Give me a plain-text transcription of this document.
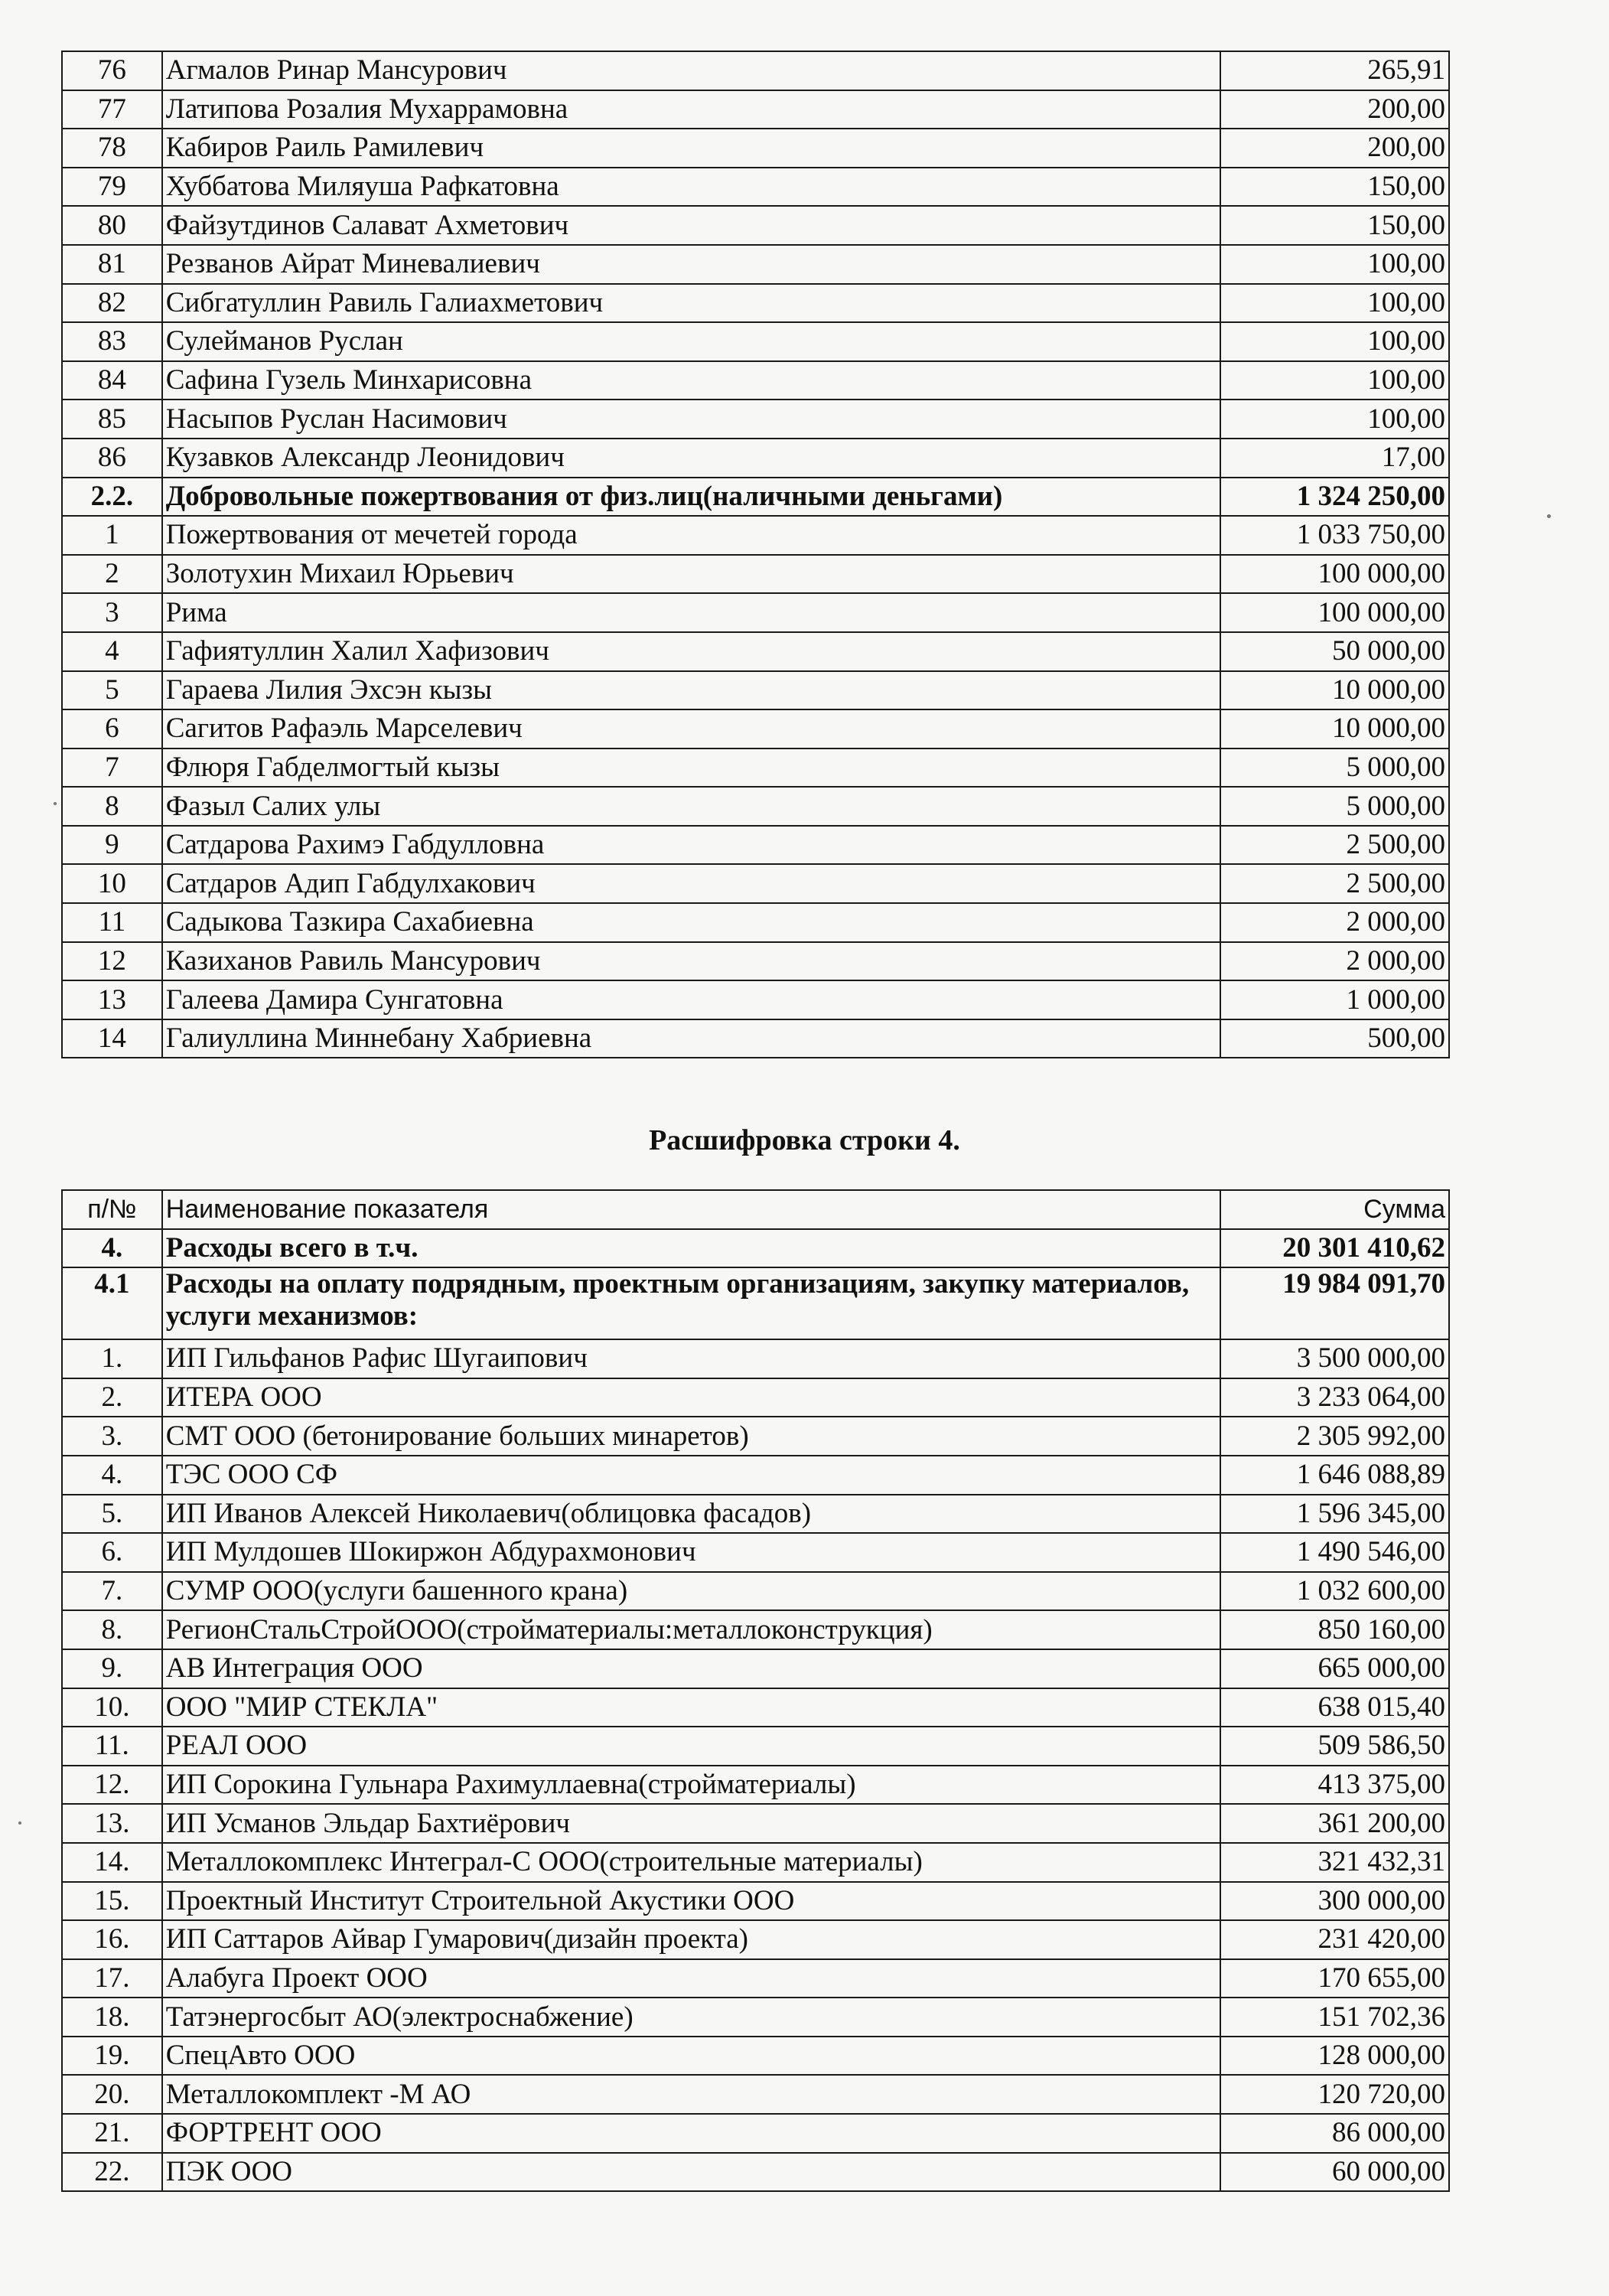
76	Агмалов Ринар Мансурович	265,91
77	Латипова Розалия Мухаррамовна	200,00
78	Кабиров Раиль Рамилевич	200,00
79	Хуббатова Миляуша Рафкатовна	150,00
80	Файзутдинов Салават Ахметович	150,00
81	Резванов Айрат Миневалиевич	100,00
82	Сибгатуллин Равиль Галиахметович	100,00
83	Сулейманов Руслан	100,00
84	Сафина Гузель Минхарисовна	100,00
85	Насыпов Руслан Насимович	100,00
86	Кузавков Александр Леонидович	17,00
2.2.	Добровольные пожертвования от физ.лиц(наличными деньгами)	1 324 250,00
1	Пожертвования от мечетей города	1 033 750,00
2	Золотухин Михаил Юрьевич	100 000,00
3	Рима	100 000,00
4	Гафиятуллин Халил Хафизович	50 000,00
5	Гараева Лилия Эхсэн кызы	10 000,00
6	Сагитов Рафаэль Марселевич	10 000,00
7	Флюря Габделмогтый кызы	5 000,00
8	Фазыл Салих улы	5 000,00
9	Сатдарова Рахимэ Габдулловна	2 500,00
10	Сатдаров Адип Габдулхакович	2 500,00
11	Садыкова Тазкира Сахабиевна	2 000,00
12	Казиханов Равиль Мансурович	2 000,00
13	Галеева Дамира Сунгатовна	1 000,00
14	Галиуллина Миннебану Хабриевна	500,00
Расшифровка строки 4.
п/№	Наименование показателя	Сумма
4.	Расходы всего в т.ч.	20 301 410,62
4.1	Расходы на оплату подрядным, проектным организациям, закупку материалов, услуги механизмов:	19 984 091,70
1.	ИП Гильфанов Рафис Шугаипович	3 500 000,00
2.	ИТЕРА ООО	3 233 064,00
3.	СМТ ООО (бетонирование больших минаретов)	2 305 992,00
4.	ТЭС ООО СФ	1 646 088,89
5.	ИП Иванов Алексей Николаевич(облицовка фасадов)	1 596 345,00
6.	ИП Мулдошев Шокиржон Абдурахмонович	1 490 546,00
7.	СУМР ООО(услуги башенного крана)	1 032 600,00
8.	РегионСтальСтройООО(стройматериалы:металлоконструкция)	850 160,00
9.	АВ Интеграция ООО	665 000,00
10.	ООО "МИР СТЕКЛА"	638 015,40
11.	РЕАЛ ООО	509 586,50
12.	ИП Сорокина Гульнара Рахимуллаевна(стройматериалы)	413 375,00
13.	ИП Усманов Эльдар Бахтиёрович	361 200,00
14.	Металлокомплекс Интеграл-С ООО(строительные материалы)	321 432,31
15.	Проектный Институт Строительной Акустики ООО	300 000,00
16.	ИП Саттаров Айвар Гумарович(дизайн проекта)	231 420,00
17.	Алабуга Проект ООО	170 655,00
18.	Татэнергосбыт АО(электроснабжение)	151 702,36
19.	СпецАвто ООО	128 000,00
20.	Металлокомплект -М АО	120 720,00
21.	ФОРТРЕНТ ООО	86 000,00
22.	ПЭК ООО	60 000,00
